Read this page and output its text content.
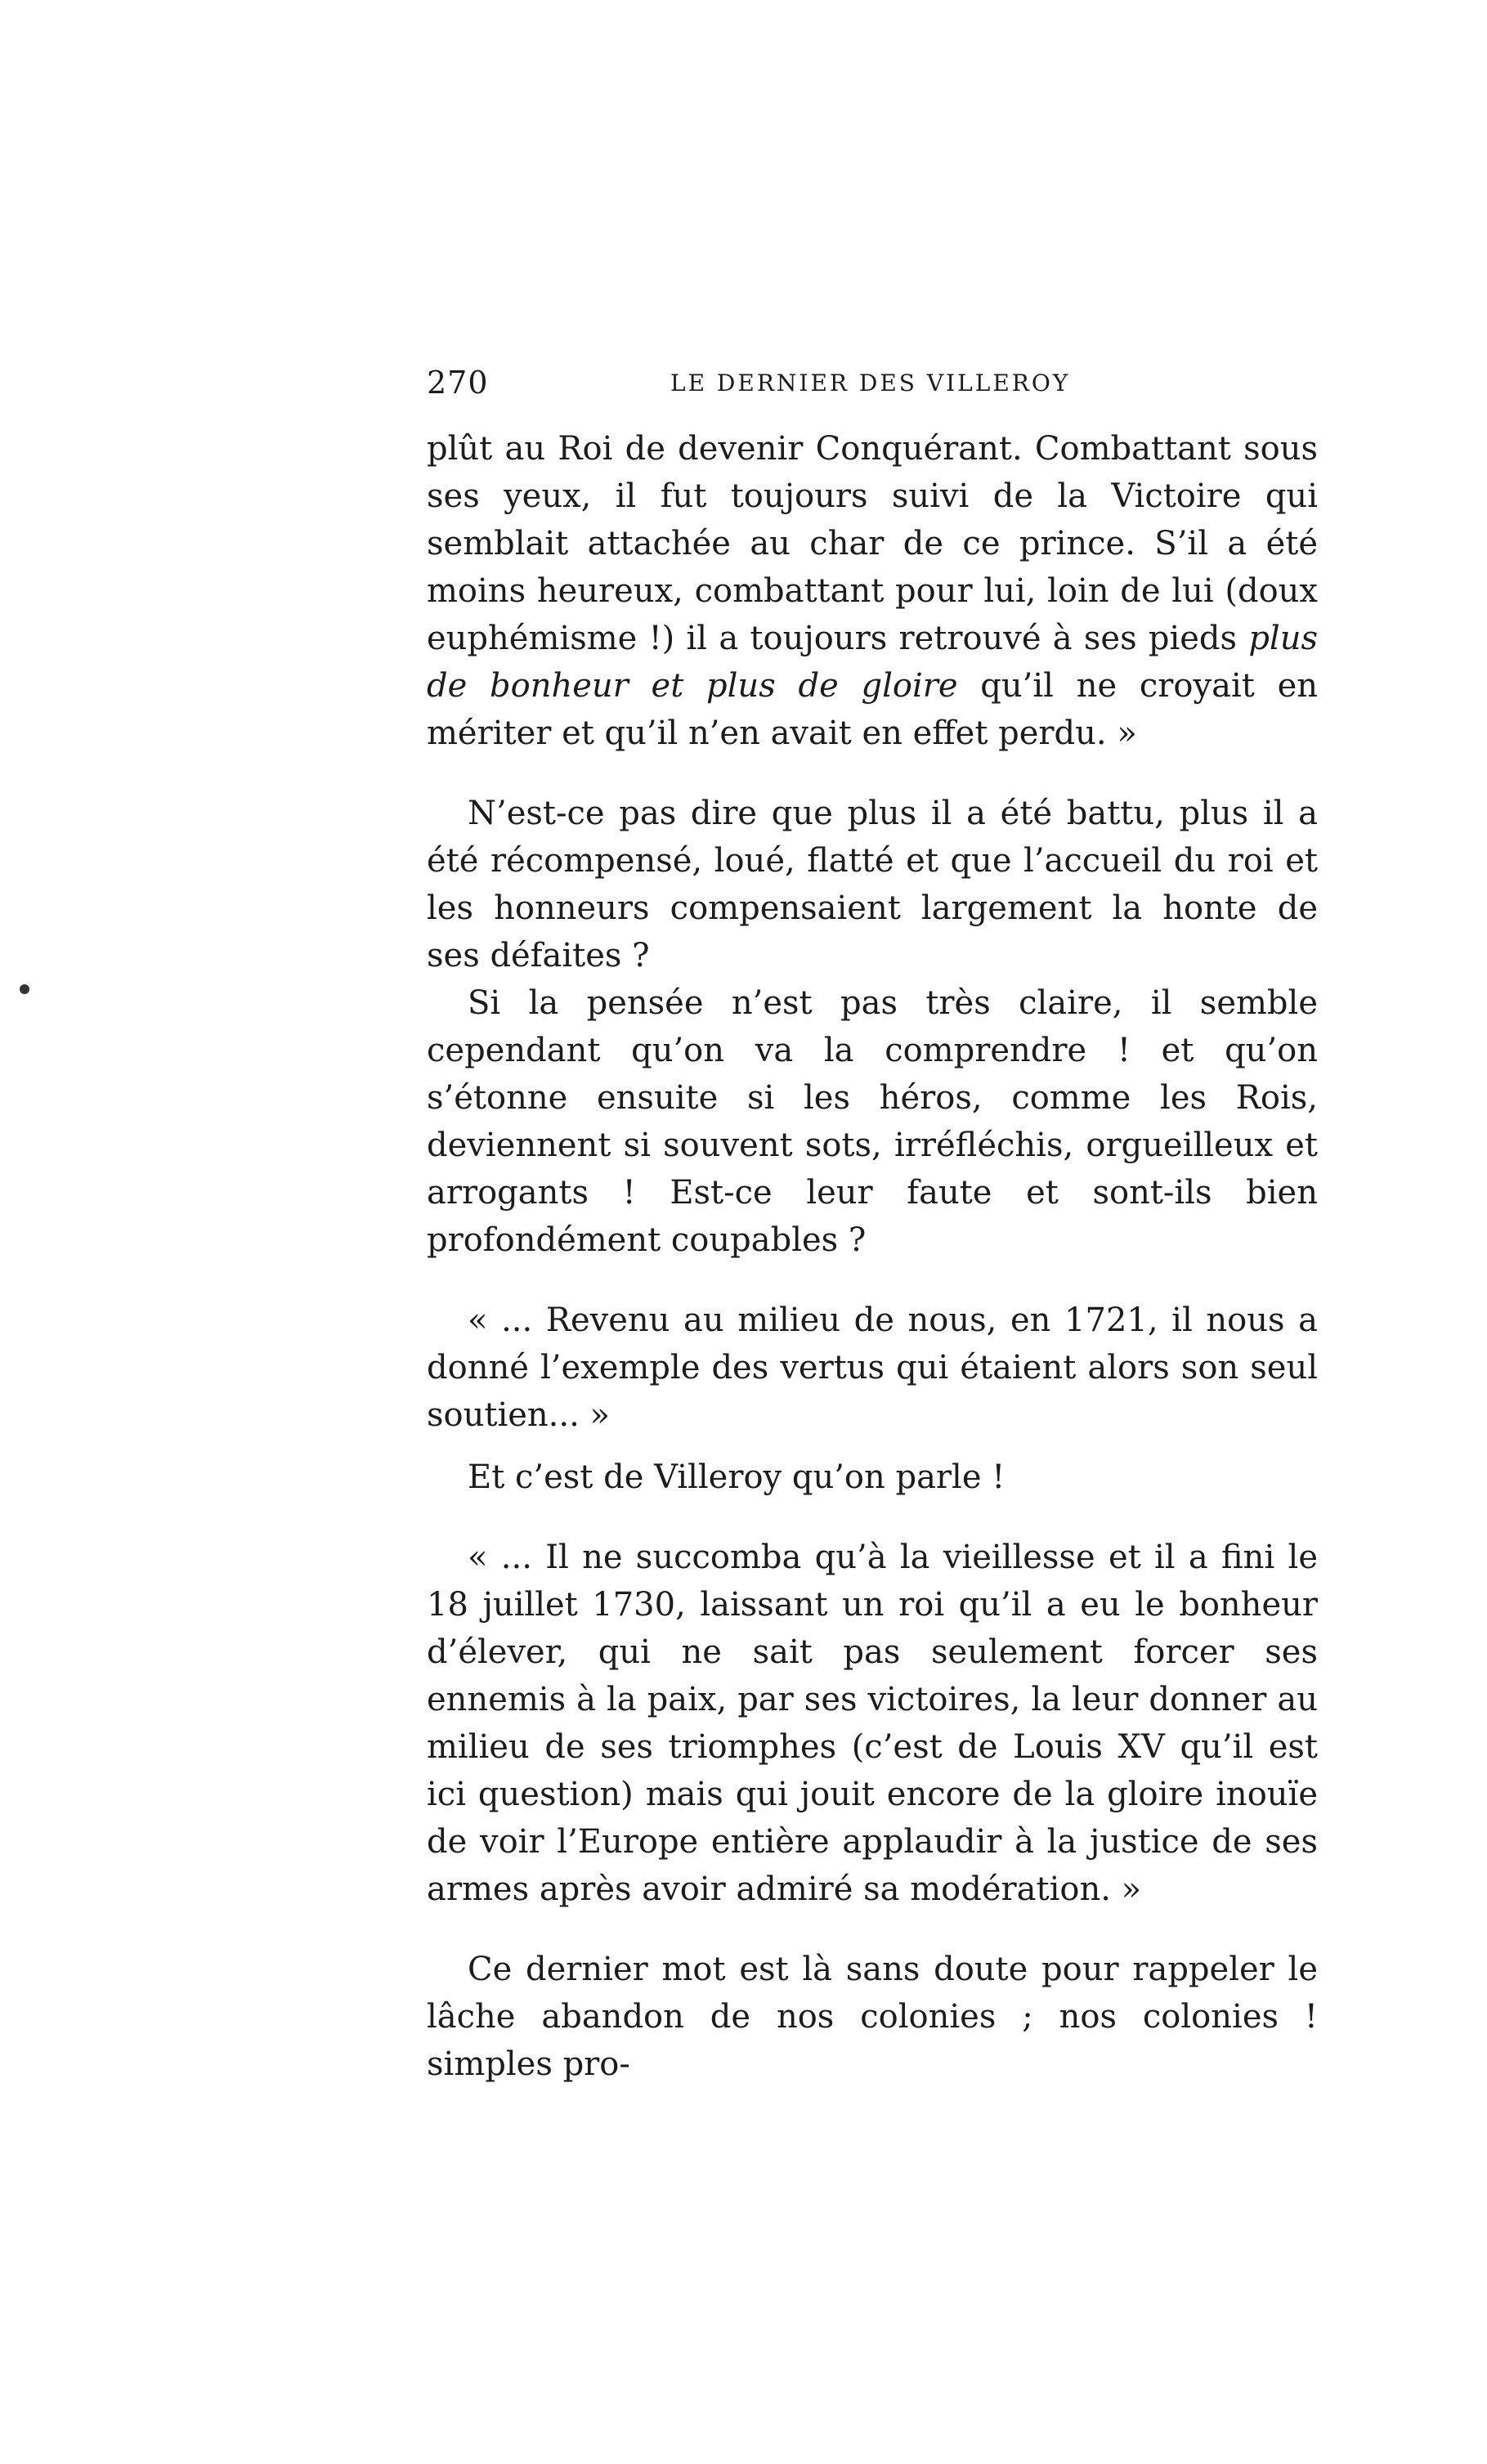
270	LE DERNIER DES VILLEROY

plût au Roi de devenir Conquérant. Combattant sous ses yeux, il fut toujours suivi de la Victoire qui semblait attachée au char de ce prince. S’il a été moins heureux, combattant pour lui, loin de lui (doux euphémisme !) il a toujours retrouvé à ses pieds plus de bonheur et plus de gloire qu’il ne croyait en mériter et qu’il n’en avait en effet perdu. »

N’est-ce pas dire que plus il a été battu, plus il a été récompensé, loué, flatté et que l’accueil du roi et les honneurs compensaient largement la honte de ses défaites ?

Si la pensée n’est pas très claire, il semble cependant qu’on va la comprendre ! et qu’on s’étonne ensuite si les héros, comme les Rois, deviennent si souvent sots, irréfléchis, orgueilleux et arrogants ! Est-ce leur faute et sont-ils bien profondément coupables ?

« ... Revenu au milieu de nous, en 1721, il nous a donné l’exemple des vertus qui étaient alors son seul soutien... »

Et c’est de Villeroy qu’on parle !

« ... Il ne succomba qu’à la vieillesse et il a fini le 18 juillet 1730, laissant un roi qu’il a eu le bonheur d’élever, qui ne sait pas seulement forcer ses ennemis à la paix, par ses victoires, la leur donner au milieu de ses triomphes (c’est de Louis XV qu’il est ici question) mais qui jouit encore de la gloire inouïe de voir l’Europe entière applaudir à la justice de ses armes après avoir admiré sa modération. »

Ce dernier mot est là sans doute pour rappeler le lâche abandon de nos colonies ; nos colonies ! simples pro-
